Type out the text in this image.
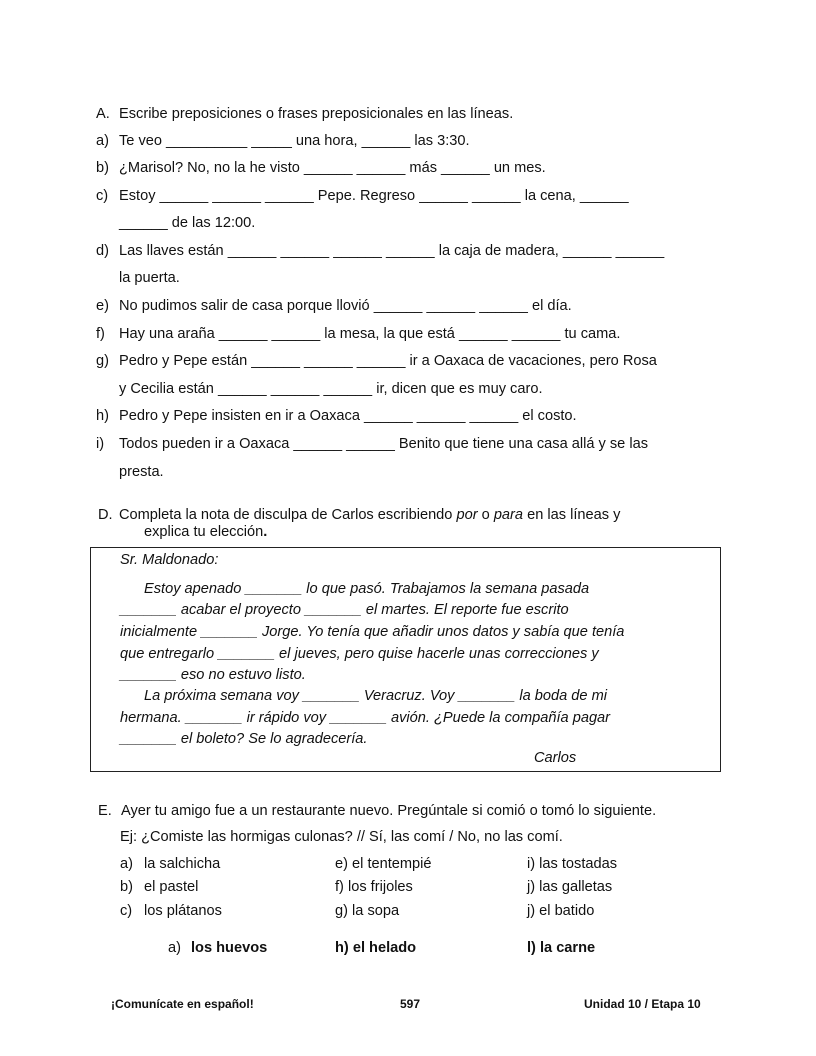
A. Escribe preposiciones o frases preposicionales en las líneas.
a) Te veo __________ _____ una hora, ______ las 3:30.
b) ¿Marisol? No, no la he visto ______ ______ más ______ un mes.
c) Estoy ______ ______ ______ Pepe. Regreso ______ ______ la cena, ______
______ de las 12:00.
d) Las llaves están ______ ______ ______ ______ la caja de madera, ______ ______
la puerta.
e) No pudimos salir de casa porque llovió ______ ______ ______ el día.
f) Hay una araña ______ ______ la mesa, la que está ______ ______ tu cama.
g) Pedro y Pepe están ______ ______ ______ ir a Oaxaca de vacaciones, pero Rosa
y Cecilia están ______ ______ ______ ir, dicen que es muy caro.
h) Pedro y Pepe insisten en ir a Oaxaca ______ ______ ______ el costo.
i) Todos pueden ir a Oaxaca ______ ______ Benito que tiene una casa allá y se las
presta.
D. Completa la nota de disculpa de Carlos escribiendo por o para en las líneas y
explica tu elección.
Sr. Maldonado:
Estoy apenado _______ lo que pasó. Trabajamos la semana pasada
_______ acabar el proyecto _______ el martes. El reporte fue escrito
inicialmente _______ Jorge. Yo tenía que añadir unos datos y sabía que tenía
que entregarlo _______ el jueves, pero quise hacerle unas correcciones y
_______ eso no estuvo listo.
La próxima semana voy _______ Veracruz. Voy _______ la boda de mi
hermana. _______ ir rápido voy _______ avión. ¿Puede la compañía pagar
_______ el boleto? Se lo agradecería.
Carlos
E. Ayer tu amigo fue a un restaurante nuevo. Pregúntale si comió o tomó lo siguiente.
Ej: ¿Comiste las hormigas culonas? // Sí, las comí / No, no las comí.
a) la salchicha	e) el tentempié	i) las tostadas
b) el pastel	f) los frijoles	j) las galletas
c) los plátanos	g) la sopa	j) el batido
a) los huevos	h) el helado	l) la carne
¡Comunícate en español!	597	Unidad 10 / Etapa 10
